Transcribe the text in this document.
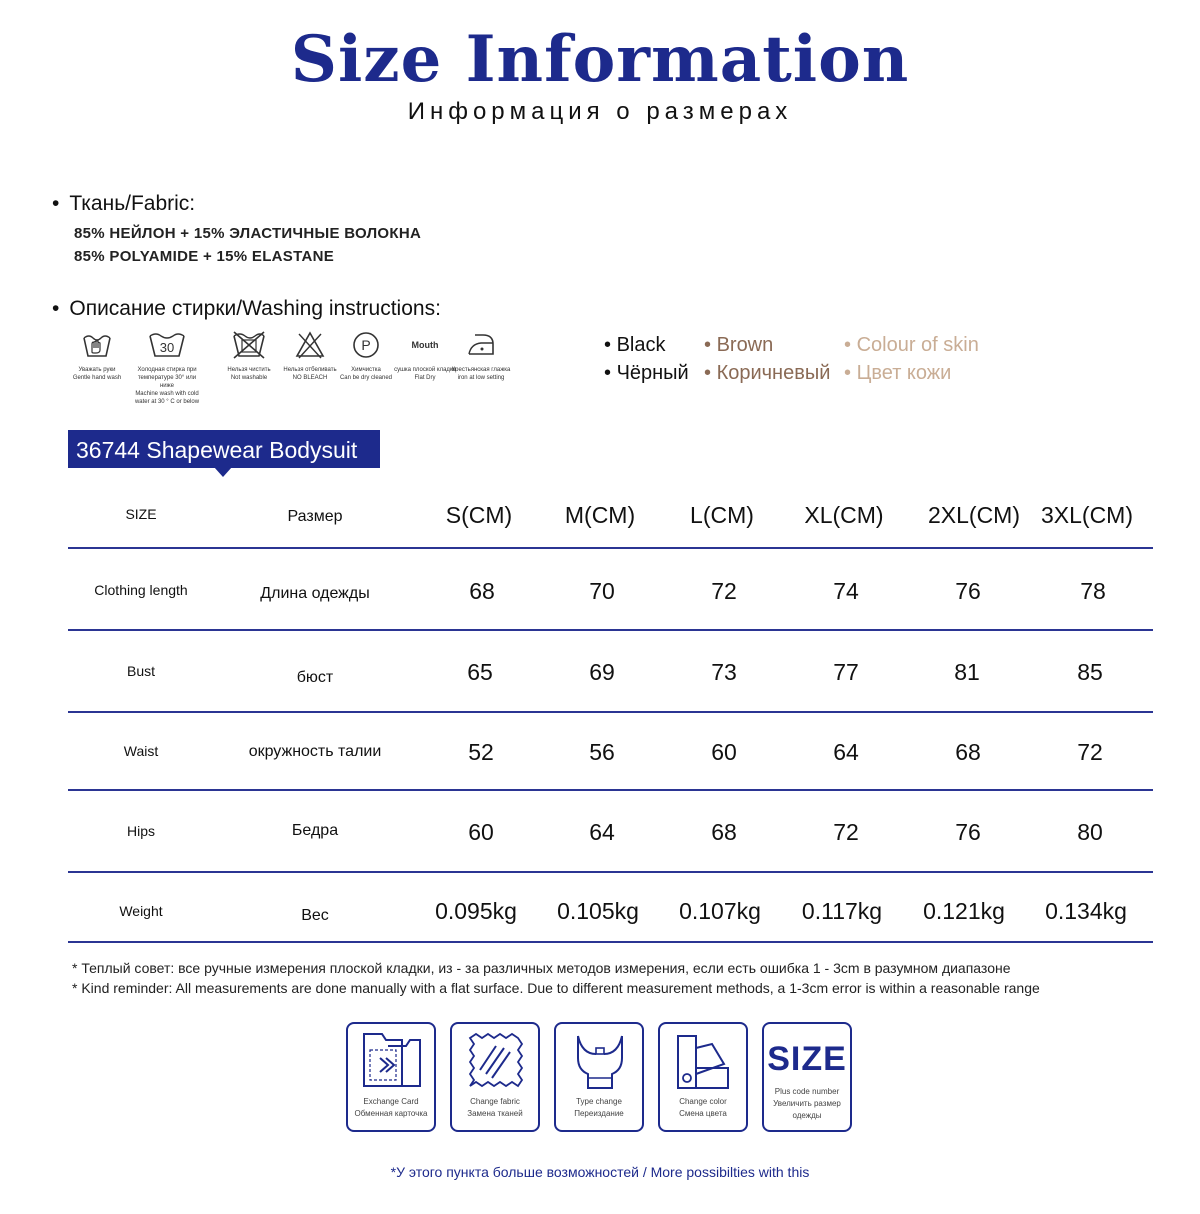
Size Information
Информация о размерах
• Ткань/Fabric:
85% НЕЙЛОН + 15% ЭЛАСТИЧНЫЕ ВОЛОКНА
85% POLYAMIDE + 15% ELASTANE
• Описание стирки/Washing instructions:
Уважать руки
Gentle hand wash
30
Холодная стирка при температуре 30° или ниже
Machine wash with cold water at 30 ° C or below
Нельзя чистить
Not washable
Нельзя отбеливать
NO BLEACH
P
Химчистка
Can be dry cleaned
Mouth
сушка плоской кладки
Flat Dry
Крестьянская глажка
iron at low setting
• Black	• Brown	• Colour of skin
• Чёрный	• Коричневый	• Цвет кожи
36744 Shapewear Bodysuit
SIZE	Размер	S(CM)	M(CM)	L(CM)	XL(CM)	2XL(CM) 3XL(CM)
Clothing length	Длина одежды	68	70	72	74	76	78
Bust	бюст	65	69	73	77	81	85
Waist	окружность талии	52	56	60	64	68	72
Hips	Бедра	60	64	68	72	76	80
Weight	Вес	0.095kg	0.105kg	0.107kg	0.117kg	0.121kg	0.134kg
* Теплый совет: все ручные измерения плоской кладки, из - за различных методов измерения, если есть ошибка 1 - 3cm в разумном диапазоне
* Kind reminder: All measurements are done manually with a flat surface. Due to different measurement methods, a 1-3cm error is within a reasonable range
Exchange Card
Обменная карточка
Change fabric
Замена тканей
Type change
Переиздание
Change color
Смена цвета
SIZE
Plus code number
Увеличить размер одежды
*У этого пункта больше возможностей / More possibilties with this
